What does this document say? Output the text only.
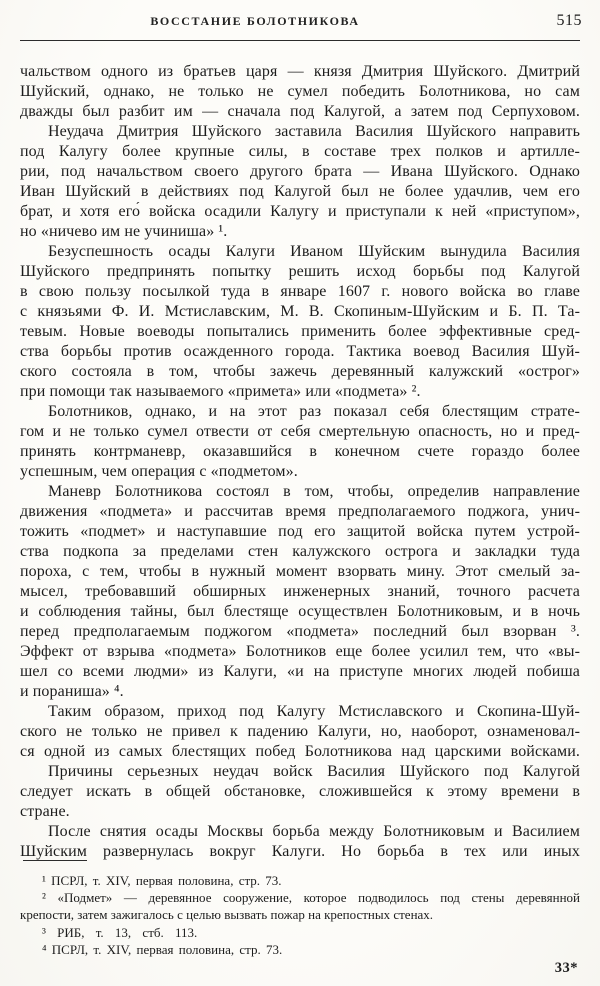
ВОССТАНИЕ БОЛОТНИКОВА	515
чальством одного из братьев царя — князя Дмитрия Шуйского. Дмитрий
Шуйский, однако, не только не сумел победить Болотникова, но сам
дважды был разбит им — сначала под Калугой, а затем под Серпуховом.
Неудача Дмитрия Шуйского заставила Василия Шуйского направить
под Калугу более крупные силы, в составе трех полков и артилле-
рии, под начальством своего другого брата — Ивана Шуйского. Однако
Иван Шуйский в действиях под Калугой был не более удачлив, чем его
брат, и хотя его́ войска осадили Калугу и приступали к ней «приступом»,
но «ничево им не учиниша» ¹.
Безуспешность осады Калуги Иваном Шуйским вынудила Василия
Шуйского предпринять попытку решить исход борьбы под Калугой
в свою пользу посылкой туда в январе 1607 г. нового войска во главе
с князьями Ф. И. Мстиславским, М. В. Скопиным-Шуйским и Б. П. Та-
тевым. Новые воеводы попытались применить более эффективные сред-
ства борьбы против осажденного города. Тактика воевод Василия Шуй-
ского состояла в том, чтобы зажечь деревянный калужский «острог»
при помощи так называемого «примета» или «подмета» ².
Болотников, однако, и на этот раз показал себя блестящим страте-
гом и не только сумел отвести от себя смертельную опасность, но и пред-
принять контрманевр, оказавшийся в конечном счете гораздо более
успешным, чем операция с «подметом».
Маневр Болотникова состоял в том, чтобы, определив направление
движения «подмета» и рассчитав время предполагаемого поджога, унич-
тожить «подмет» и наступавшие под его защитой войска путем устрой-
ства подкопа за пределами стен калужского острога и закладки туда
пороха, с тем, чтобы в нужный момент взорвать мину. Этот смелый за-
мысел, требовавший обширных инженерных знаний, точного расчета
и соблюдения тайны, был блестяще осуществлен Болотниковым, и в ночь
перед предполагаемым поджогом «подмета» последний был взорван ³.
Эффект от взрыва «подмета» Болотников еще более усилил тем, что «вы-
шел со всеми людми» из Калуги, «и на приступе многих людей побиша
и пораниша» ⁴.
Таким образом, приход под Калугу Мстиславского и Скопина-Шуй-
ского не только не привел к падению Калуги, но, наоборот, ознаменовал-
ся одной из самых блестящих побед Болотникова над царскими войсками.
Причины серьезных неудач войск Василия Шуйского под Калугой
следует искать в общей обстановке, сложившейся к этому времени в
стране.
После снятия осады Москвы борьба между Болотниковым и Василием
Шуйским развернулась вокруг Калуги. Но борьба в тех или иных
¹ ПСРЛ, т. XIV, первая половина, стр. 73.
² «Подмет» — деревянное сооружение, которое подводилось под стены деревянной
крепости, затем зажигалось с целью вызвать пожар на крепостных стенах.
³ РИБ, т. 13, стб. 113.
⁴ ПСРЛ, т. XIV, первая половина, стр. 73.
33*
